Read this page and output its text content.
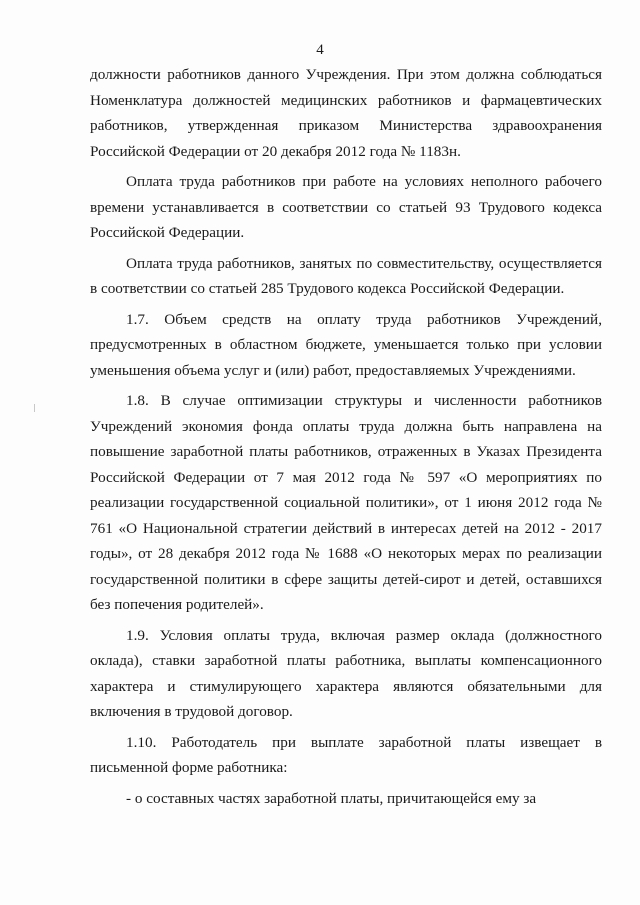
4

должности работников данного Учреждения. При этом должна соблюдаться Номенклатура должностей медицинских работников и фармацевтических работников, утвержденная приказом Министерства здравоохранения Российской Федерации от 20 декабря 2012 года № 1183н.

Оплата труда работников при работе на условиях неполного рабочего времени устанавливается в соответствии со статьей 93 Трудового кодекса Российской Федерации.

Оплата труда работников, занятых по совместительству, осуществляется в соответствии со статьей 285 Трудового кодекса Российской Федерации.

1.7. Объем средств на оплату труда работников Учреждений, предусмотренных в областном бюджете, уменьшается только при условии уменьшения объема услуг и (или) работ, предоставляемых Учреждениями.

1.8. В случае оптимизации структуры и численности работников Учреждений экономия фонда оплаты труда должна быть направлена на повышение заработной платы работников, отраженных в Указах Президента Российской Федерации от 7 мая 2012 года № 597 «О мероприятиях по реализации государственной социальной политики», от 1 июня 2012 года № 761 «О Национальной стратегии действий в интересах детей на 2012 - 2017 годы», от 28 декабря 2012 года № 1688 «О некоторых мерах по реализации государственной политики в сфере защиты детей-сирот и детей, оставшихся без попечения родителей».

1.9. Условия оплаты труда, включая размер оклада (должностного оклада), ставки заработной платы работника, выплаты компенсационного характера и стимулирующего характера являются обязательными для включения в трудовой договор.

1.10. Работодатель при выплате заработной платы извещает в письменной форме работника:

- о составных частях заработной платы, причитающейся ему за
